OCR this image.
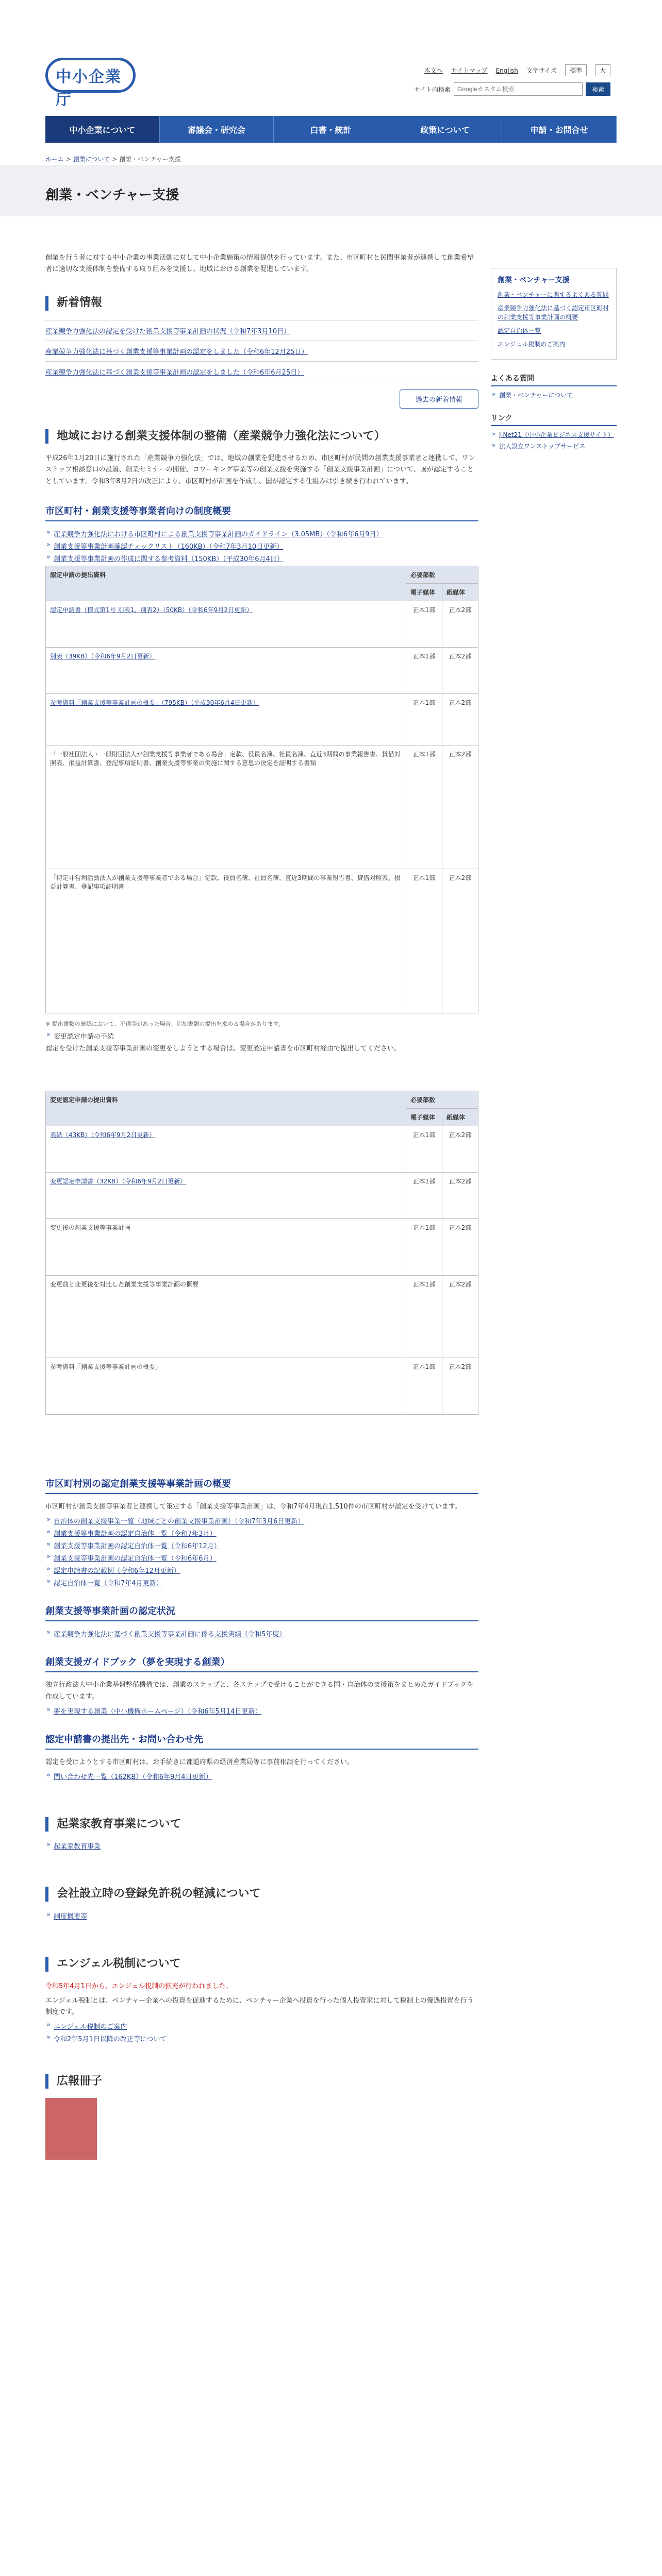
中小企業庁
本文へ サイトマップ English 文字サイズ	標準	大
サイト内検索
Googleカスタム検索	検索
中小企業について	審議会・研究会	白書・統計	政策について	申請・お問合せ
ホーム > 創業について > 創業・ベンチャー支援
創業・ベンチャー支援

創業を行う者に対する中小企業の事業活動に対して中小企業施策の情報提供を行っています。また、市区町村と民間事業者が連携して創業希望者に適切な支援体制を整備する取り組みを支援し、地域における創業を促進しています。

新着情報
産業競争力強化法の認定を受けた創業支援等事業計画の状況（令和7年3月10日）
産業競争力強化法に基づく創業支援等事業計画の認定をしました（令和6年12月25日）
産業競争力強化法に基づく創業支援等事業計画の認定をしました（令和6年6月25日）
過去の新着情報
地域における創業支援体制の整備（産業競争力強化法について）

平成26年1月20日に施行された「産業競争力強化法」では、地域の創業を促進させるため、市区町村が民間の創業支援事業者と連携して、ワンストップ相談窓口の設置、創業セミナーの開催、コワーキング事業等の創業支援を実施する「創業支援事業計画」について、国が認定することとしています。令和3年8月2日の改正により、市区町村が計画を作成し、国が認定する仕組みは引き続き行われています。

市区町村・創業支援等事業者向けの制度概要
» 産業競争力強化法における市区町村による創業支援等事業計画のガイドライン（3.05MB）（令和6年6月9日）
» 創業支援等事業計画確認チェックリスト（160KB）（令和7年3月10日更新）
» 創業支援等事業計画の作成に関する参考資料（150KB）（平成30年6月4日）
認定申請の提出資料	必要部数	
	電子媒体	紙媒体
認定申請書（様式第1号 別表1、別表2）（50KB）（令和6年9月2日更新）	正本1部	正本2部
別表（39KB）（令和6年9月2日更新）	正本1部	正本2部
参考資料「創業支援等事業計画の概要」（795KB）（平成30年6月4日更新）	正本1部	正本2部
「一般社団法人・一般財団法人が創業支援等事業者である場合」定款、役員名簿、社員名簿、直近3期間の事業報告書、貸借対照表、損益計算書、登記事項証明書、創業支援等事業の実施に関する意思の決定を証明する書類	正本1部	正本2部
「特定非営利活動法人が創業支援等事業者である場合」定款、役員名簿、社員名簿、直近3期間の事業報告書、貸借対照表、損益計算書、登記事項証明書	正本1部	正本2部

※ 提出書類の確認において、不備等があった場合、追加書類の提出を求める場合があります。

» 変更認定申請の手続

認定を受けた創業支援等事業計画の変更をしようとする場合は、変更認定申請書を市区町村経由で提出してください。

変更認定申請の提出資料	必要部数	
	電子媒体	紙媒体
表紙（43KB）（令和6年9月2日更新）	正本1部	正本2部
変更認定申請書（32KB）（令和6年9月2日更新）	正本1部	正本2部
変更後の創業支援等事業計画	正本1部	正本2部
変更前と変更後を対比した創業支援等事業計画の概要	正本1部	正本2部
参考資料「創業支援等事業計画の概要」	正本1部	正本2部
市区町村別の認定創業支援等事業計画の概要

市区町村が創業支援等事業者と連携して策定する「創業支援等事業計画」は、令和7年4月現在1,510件の市区町村が認定を受けています。

» 自治体の創業支援事業一覧（地域ごとの創業支援事業計画）（令和7年3月6日更新）
» 創業支援等事業計画の認定自治体一覧（令和7年3月）
» 創業支援等事業計画の認定自治体一覧（令和6年12月）
» 創業支援等事業計画の認定自治体一覧（令和6年6月）
» 認定申請書の記載例（令和6年12月更新）
» 認定自治体一覧（令和7年4月更新）
創業支援等事業計画の認定状況
» 産業競争力強化法に基づく創業支援等事業計画に係る支援実績（令和5年度）
創業支援ガイドブック（夢を実現する創業）

独立行政法人中小企業基盤整備機構では、創業のステップと、各ステップで受けることができる国・自治体の支援策をまとめたガイドブックを作成しています。

» 夢を実現する創業（中小機構ホームページ）（令和6年5月14日更新）
認定申請書の提出先・お問い合わせ先

認定を受けようとする市区町村は、お手続きに都道府県の経済産業局等に事前相談を行ってください。

» 問い合わせ先一覧（162KB）（令和6年9月4日更新）
起業家教育事業について
» 起業家教育事業
会社設立時の登録免許税の軽減について
» 制度概要等
エンジェル税制について

令和5年4月1日から、エンジェル税制の拡充が行われました。

エンジェル税制とは、ベンチャー企業への投資を促進するために、ベンチャー企業へ投資を行った個人投資家に対して税制上の優遇措置を行う制度です。

» エンジェル税制のご案内
» 令和2年5月1日以降の改正等について
広報冊子
創業・ベンチャー支援
創業・ベンチャーに関するよくある質問
産業競争力強化法に基づく認定市区町村の創業支援等事業計画の概要
認定自治体一覧
エンジェル税制のご案内
よくある質問
» 創業・ベンチャーについて
リンク
» J-Net21（中小企業ビジネス支援サイト）
» 法人設立ワンストップサービス
